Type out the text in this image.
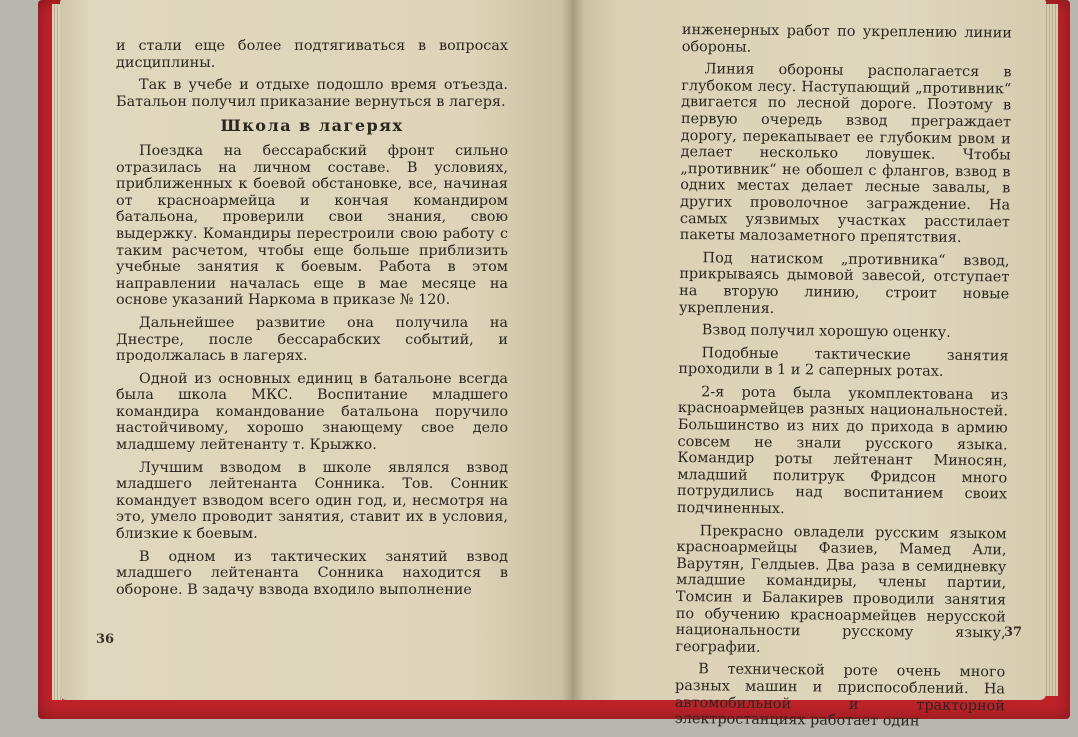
и стали еще более подтягиваться в вопросах дисциплины.

Так в учебе и отдыхе подошло время отъезда. Батальон получил приказание вернуться в лагеря.

Школа в лагерях

Поездка на бессарабский фронт сильно отразилась на личном составе. В условиях, приближенных к боевой обстановке, все, начиная от красноармейца и кончая командиром батальона, проверили свои знания, свою выдержку. Командиры перестроили свою работу с таким расчетом, чтобы еще больше приблизить учебные занятия к боевым. Работа в этом направлении началась еще в мае месяце на основе указаний Наркома в приказе № 120.

Дальнейшее развитие она получила на Днестре, после бессарабских событий, и продолжалась в лагерях.

Одной из основных единиц в батальоне всегда была школа МКС. Воспитание младшего командира командование батальона поручило настойчивому, хорошо знающему свое дело младшему лейтенанту т. Крыжко.

Лучшим взводом в школе являлся взвод младшего лейтенанта Сонника. Тов. Сонник командует взводом всего один год, и, несмотря на это, умело проводит занятия, ставит их в условия, близкие к боевым.

В одном из тактических занятий взвод младшего лейтенанта Сонника находится в обороне. В задачу взвода входило выполнение

36

инженерных работ по укреплению линии обороны.

Линия обороны располагается в глубоком лесу. Наступающий „противник“ двигается по лесной дороге. Поэтому в первую очередь взвод преграждает дорогу, перекапывает ее глубоким рвом и делает несколько ловушек. Чтобы „противник“ не обошел с флангов, взвод в одних местах делает лесные завалы, в других проволочное заграждение. На самых уязвимых участках расстилает пакеты малозаметного препятствия.

Под натиском „противника“ взвод, прикрываясь дымовой завесой, отступает на вторую линию, строит новые укрепления.

Взвод получил хорошую оценку.

Подобные тактические занятия проходили в 1 и 2 саперных ротах.

2-я рота была укомплектована из красноармейцев разных национальностей. Большинство из них до прихода в армию совсем не знали русского языка. Командир роты лейтенант Миносян, младший политрук Фридсон много потрудились над воспитанием своих подчиненных.

Прекрасно овладели русским языком красноармейцы Фазиев, Мамед Али, Варутян, Гелдыев. Два раза в семидневку младшие командиры, члены партии, Томсин и Балакирев проводили занятия по обучению красноармейцев нерусской национальности русскому языку, географии.

В технической роте очень много разных машин и приспособлений. На автомобильной и тракторной электростанциях работает один

37
